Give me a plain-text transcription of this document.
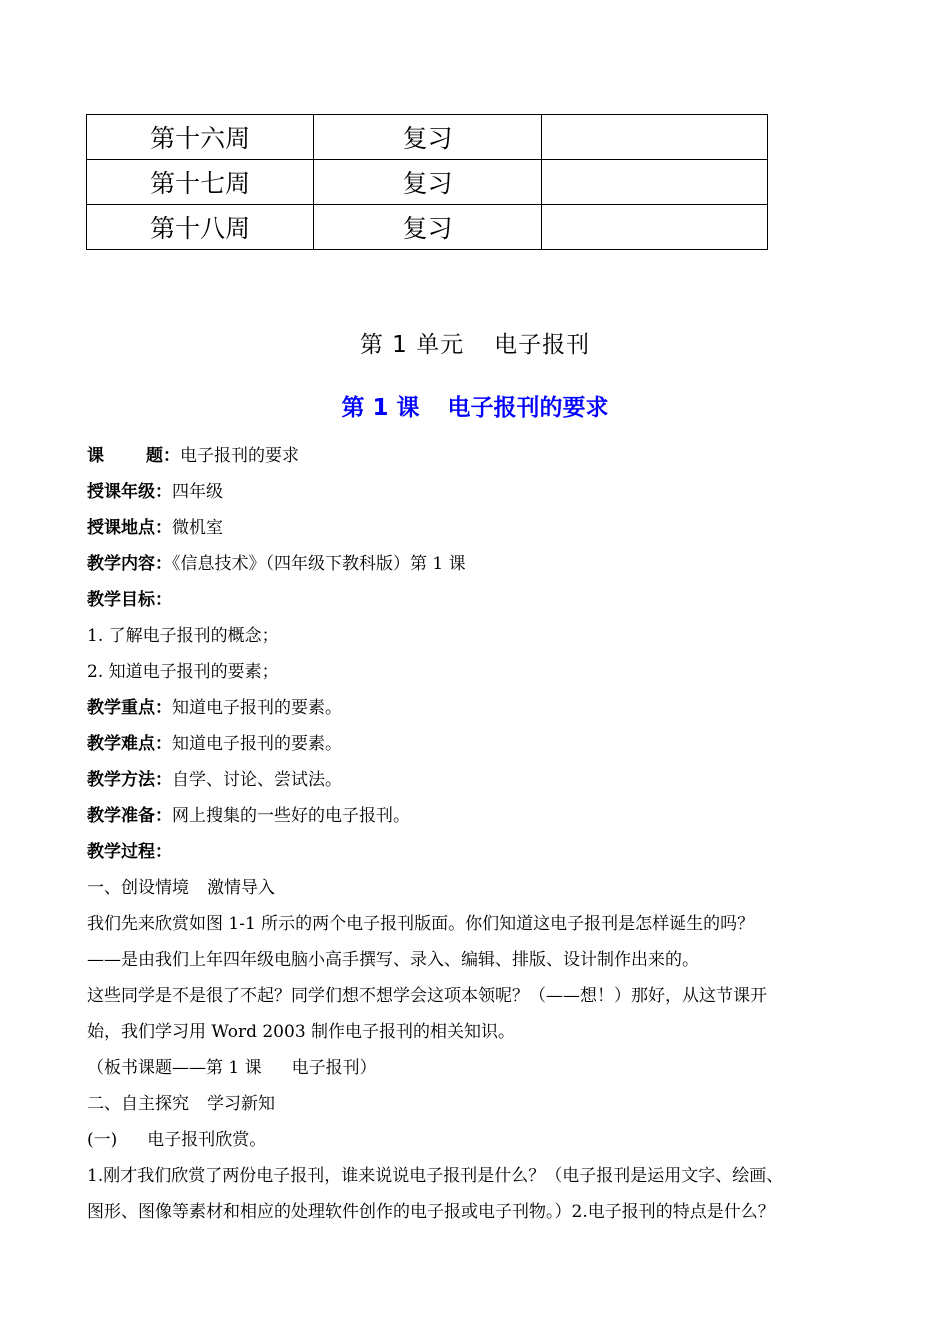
第十六周	复习	
第十七周	复习	
第十八周	复习	
第 1 单元 电子报刊
第 1 课 电子报刊的要求
课 题：电子报刊的要求
授课年级：四年级
授课地点：微机室
教学内容：《信息技术》（四年级下教科版）第 1 课
教学目标：
1. 了解电子报刊的概念；
2. 知道电子报刊的要素；
教学重点：知道电子报刊的要素。
教学难点：知道电子报刊的要素。
教学方法：自学、讨论、尝试法。
教学准备：网上搜集的一些好的电子报刊。
教学过程：
一、创设情境 激情导入
我们先来欣赏如图 1-1 所示的两个电子报刊版面。你们知道这电子报刊是怎样诞生的吗？
——是由我们上年四年级电脑小高手撰写、录入、编辑、排版、设计制作出来的。
这些同学是不是很了不起？同学们想不想学会这项本领呢？（——想！）那好，从这节课开
始，我们学习用 Word 2003 制作电子报刊的相关知识。
（板书课题——第 1 课 电子报刊）
二、自主探究 学习新知
(一) 电子报刊欣赏。
1.刚才我们欣赏了两份电子报刊，谁来说说电子报刊是什么？（电子报刊是运用文字、绘画、
图形、图像等素材和相应的处理软件创作的电子报或电子刊物。）2.电子报刊的特点是什么？
